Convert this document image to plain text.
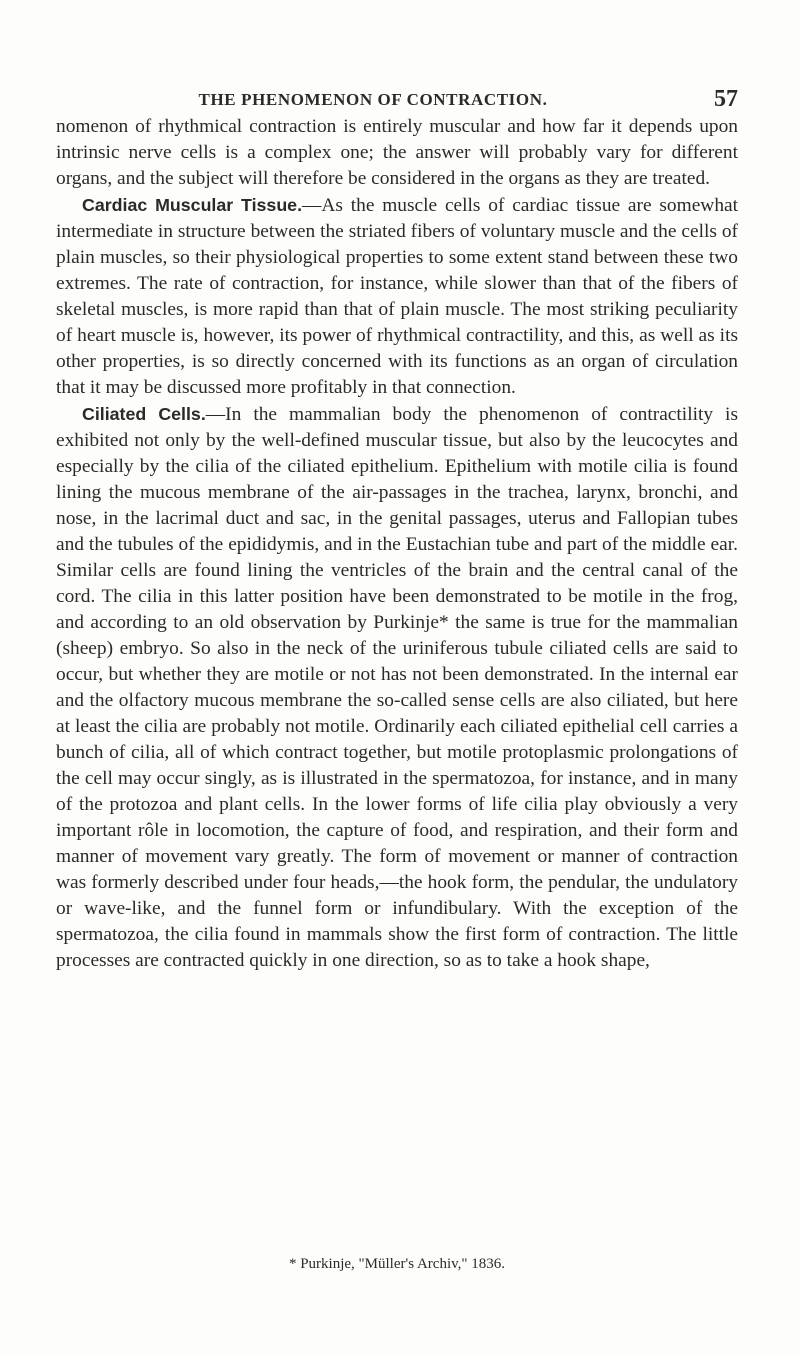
THE PHENOMENON OF CONTRACTION.	57

nomenon of rhythmical contraction is entirely muscular and how far it depends upon intrinsic nerve cells is a complex one; the answer will probably vary for different organs, and the subject will therefore be considered in the organs as they are treated.

Cardiac Muscular Tissue.—As the muscle cells of cardiac tissue are somewhat intermediate in structure between the striated fibers of voluntary muscle and the cells of plain muscles, so their physiological properties to some extent stand between these two extremes. The rate of contraction, for instance, while slower than that of the fibers of skeletal muscles, is more rapid than that of plain muscle. The most striking peculiarity of heart muscle is, however, its power of rhythmical contractility, and this, as well as its other properties, is so directly concerned with its functions as an organ of circulation that it may be discussed more profitably in that connection.

Ciliated Cells.—In the mammalian body the phenomenon of contractility is exhibited not only by the well-defined muscular tissue, but also by the leucocytes and especially by the cilia of the ciliated epithelium. Epithelium with motile cilia is found lining the mucous membrane of the air-passages in the trachea, larynx, bronchi, and nose, in the lacrimal duct and sac, in the genital passages, uterus and Fallopian tubes and the tubules of the epididymis, and in the Eustachian tube and part of the middle ear. Similar cells are found lining the ventricles of the brain and the central canal of the cord. The cilia in this latter position have been demonstrated to be motile in the frog, and according to an old observation by Purkinje* the same is true for the mammalian (sheep) embryo. So also in the neck of the uriniferous tubule ciliated cells are said to occur, but whether they are motile or not has not been demonstrated. In the internal ear and the olfactory mucous membrane the so-called sense cells are also ciliated, but here at least the cilia are probably not motile. Ordinarily each ciliated epithelial cell carries a bunch of cilia, all of which contract together, but motile protoplasmic prolongations of the cell may occur singly, as is illustrated in the spermatozoa, for instance, and in many of the protozoa and plant cells. In the lower forms of life cilia play obviously a very important rôle in locomotion, the capture of food, and respiration, and their form and manner of movement vary greatly. The form of movement or manner of contraction was formerly described under four heads,—the hook form, the pendular, the undulatory or wave-like, and the funnel form or infundibulary. With the exception of the spermatozoa, the cilia found in mammals show the first form of contraction. The little processes are contracted quickly in one direction, so as to take a hook shape,

* Purkinje, "Müller's Archiv," 1836.
